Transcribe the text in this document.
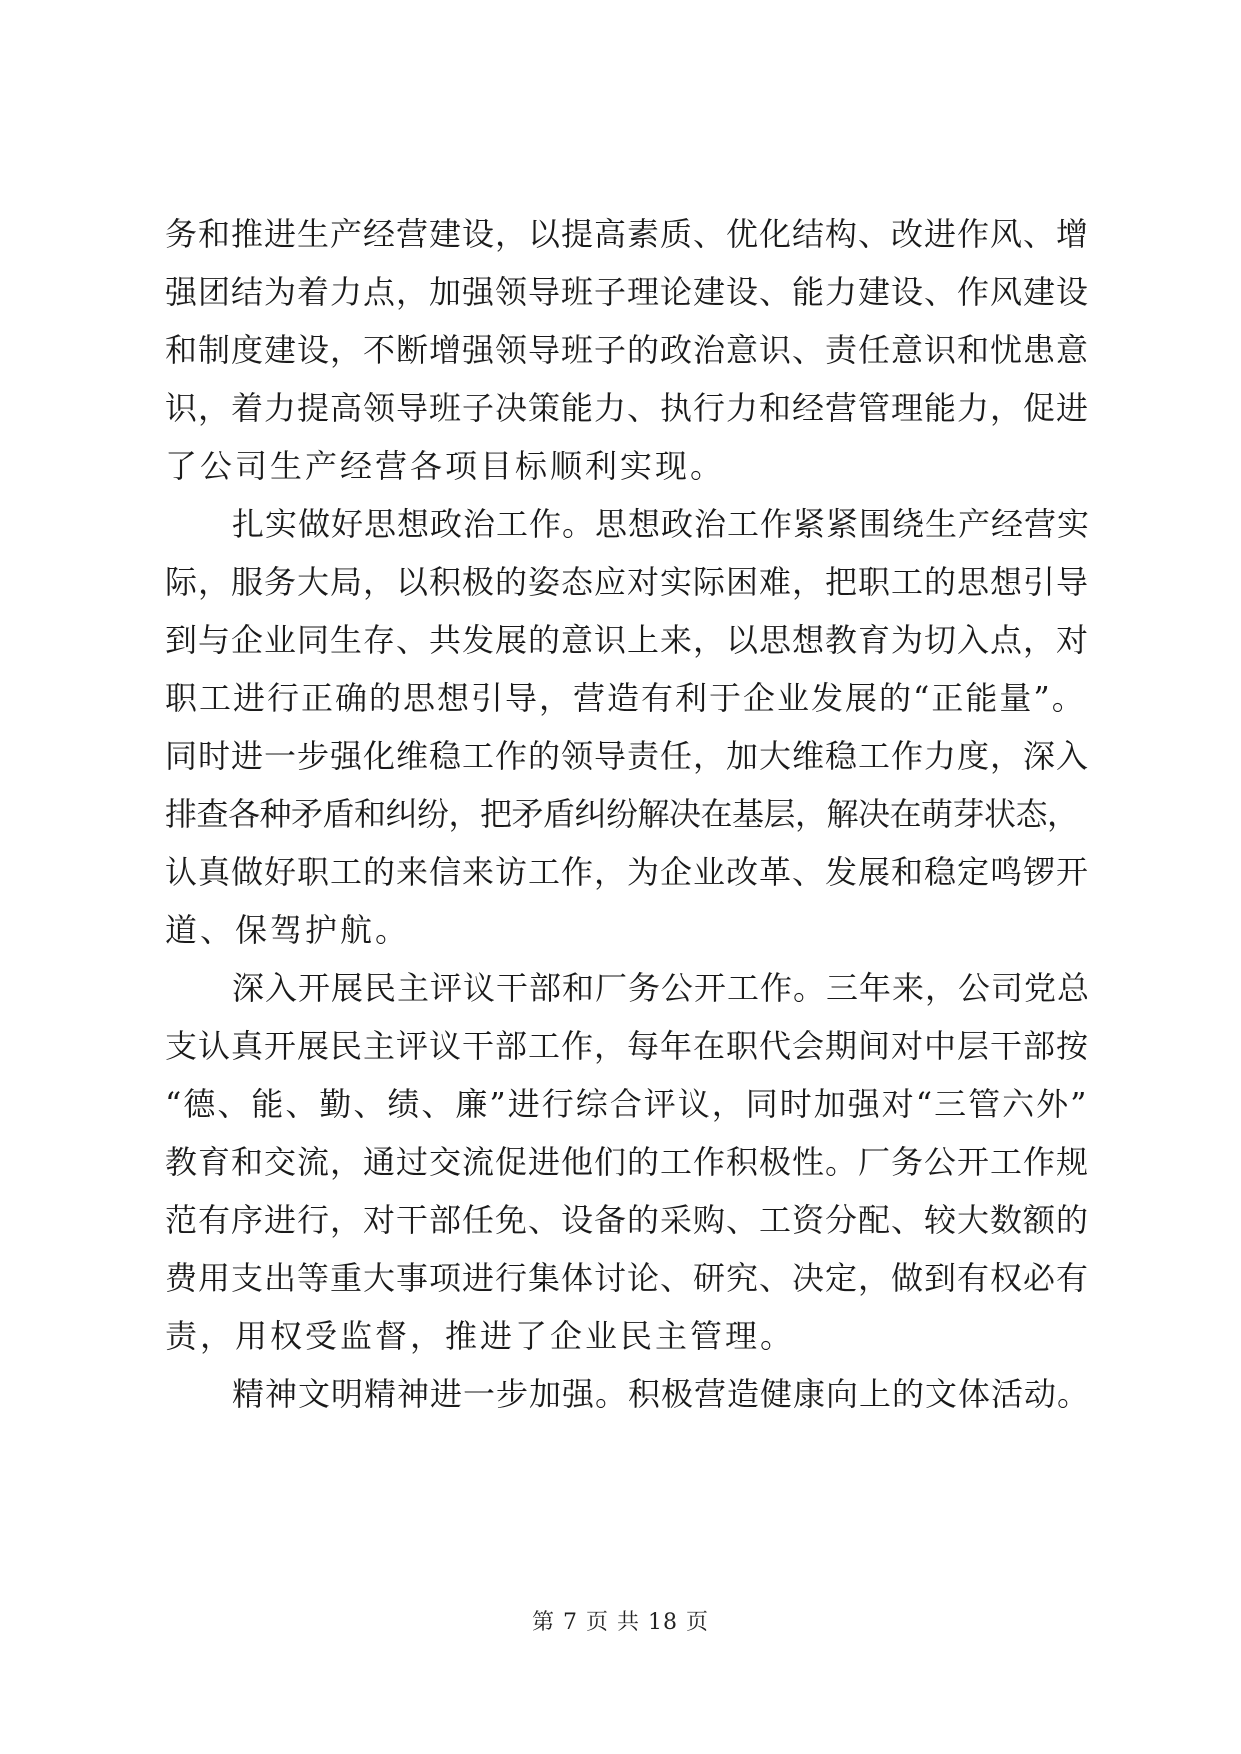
务和推进生产经营建设，以提高素质、优化结构、改进作风、增
强团结为着力点，加强领导班子理论建设、能力建设、作风建设
和制度建设，不断增强领导班子的政治意识、责任意识和忧患意
识，着力提高领导班子决策能力、执行力和经营管理能力，促进
了公司生产经营各项目标顺利实现。
扎实做好思想政治工作。思想政治工作紧紧围绕生产经营实
际，服务大局，以积极的姿态应对实际困难，把职工的思想引导
到与企业同生存、共发展的意识上来，以思想教育为切入点，对
职工进行正确的思想引导，营造有利于企业发展的“正能量”。
同时进一步强化维稳工作的领导责任，加大维稳工作力度，深入
排查各种矛盾和纠纷，把矛盾纠纷解决在基层，解决在萌芽状态，
认真做好职工的来信来访工作，为企业改革、发展和稳定鸣锣开
道、保驾护航。
深入开展民主评议干部和厂务公开工作。三年来，公司党总
支认真开展民主评议干部工作，每年在职代会期间对中层干部按
“德、能、勤、绩、廉”进行综合评议，同时加强对“三管六外”
教育和交流，通过交流促进他们的工作积极性。厂务公开工作规
范有序进行，对干部任免、设备的采购、工资分配、较大数额的
费用支出等重大事项进行集体讨论、研究、决定，做到有权必有
责，用权受监督，推进了企业民主管理。
精神文明精神进一步加强。积极营造健康向上的文体活动。
第 7 页 共 18 页
